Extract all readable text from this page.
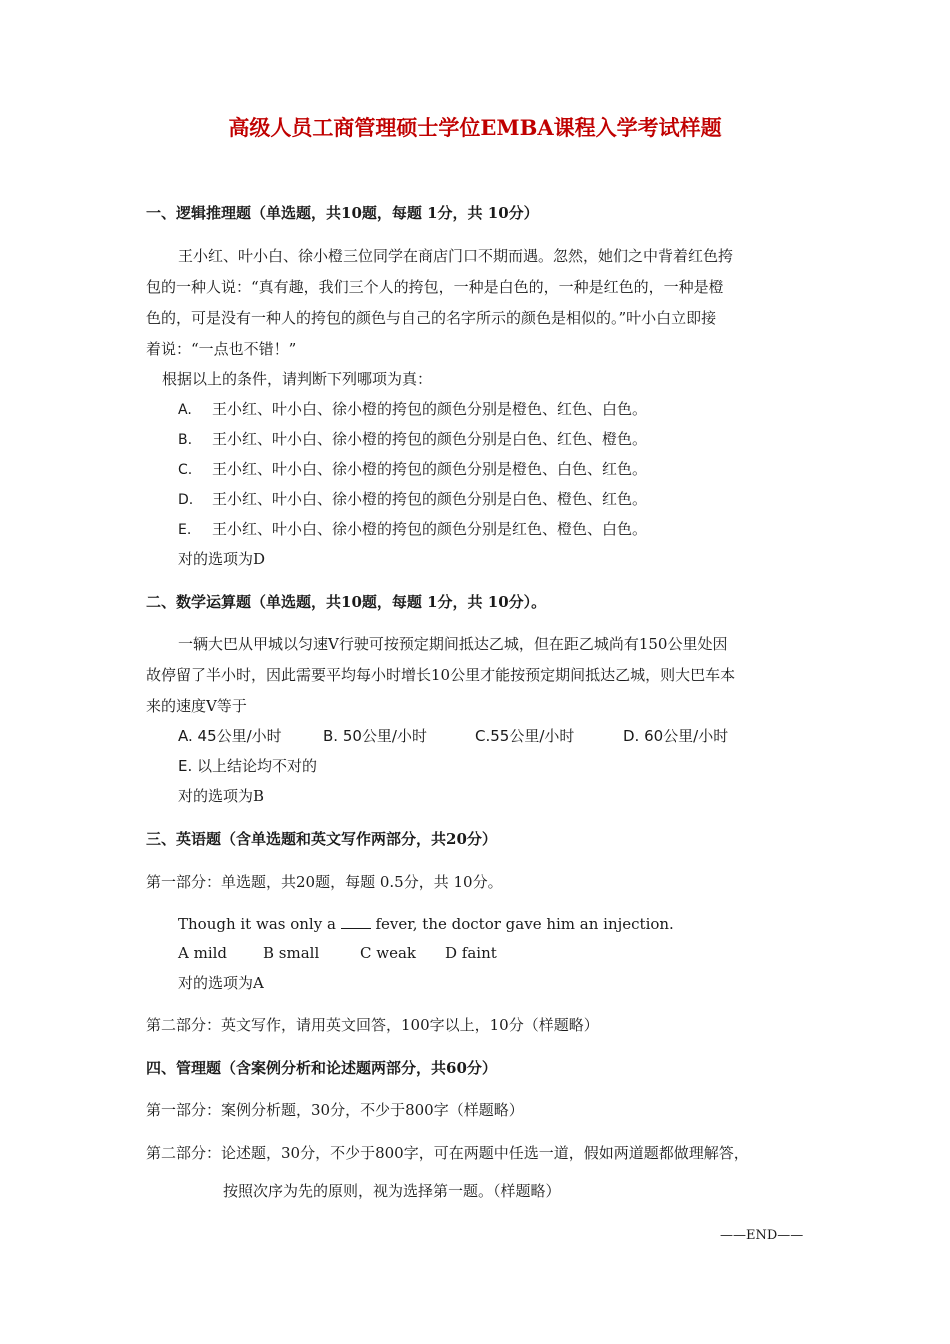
高级人员工商管理硕士学位EMBA课程入学考试样题
一、逻辑推理题（单选题，共10题，每题 1分，共 10分）
王小红、叶小白、徐小橙三位同学在商店门口不期而遇。忽然，她们之中背着红色挎
包的一种人说：“真有趣，我们三个人的挎包，一种是白色的，一种是红色的，一种是橙
色的，可是没有一种人的挎包的颜色与自己的名字所示的颜色是相似的。”叶小白立即接
着说：“一点也不错！”
根据以上的条件，请判断下列哪项为真：
A. 王小红、叶小白、徐小橙的挎包的颜色分别是橙色、红色、白色。
B. 王小红、叶小白、徐小橙的挎包的颜色分别是白色、红色、橙色。
C. 王小红、叶小白、徐小橙的挎包的颜色分别是橙色、白色、红色。
D. 王小红、叶小白、徐小橙的挎包的颜色分别是白色、橙色、红色。
E. 王小红、叶小白、徐小橙的挎包的颜色分别是红色、橙色、白色。
对的选项为D
二、数学运算题（单选题，共10题，每题 1分，共 10分）。
一辆大巴从甲城以匀速V行驶可按预定期间抵达乙城，但在距乙城尚有150公里处因
故停留了半小时，因此需要平均每小时增长10公里才能按预定期间抵达乙城，则大巴车本
来的速度V等于
A. 45公里/小时	B. 50公里/小时	C.55公里/小时	D. 60公里/小时
E. 以上结论均不对的
对的选项为B
三、英语题（含单选题和英文写作两部分，共20分）
第一部分：单选题，共20题，每题 0.5分，共 10分。
Though it was only a	fever, the doctor gave him an injection.
A mild B small	C weak D faint
对的选项为A
第二部分：英文写作，请用英文回答，100字以上，10分（样题略）
四、管理题（含案例分析和论述题两部分，共60分）
第一部分：案例分析题，30分，不少于800字（样题略）
第二部分：论述题，30分，不少于800字，可在两题中任选一道，假如两道题都做理解答，
按照次序为先的原则，视为选择第一题。（样题略）
——END——
